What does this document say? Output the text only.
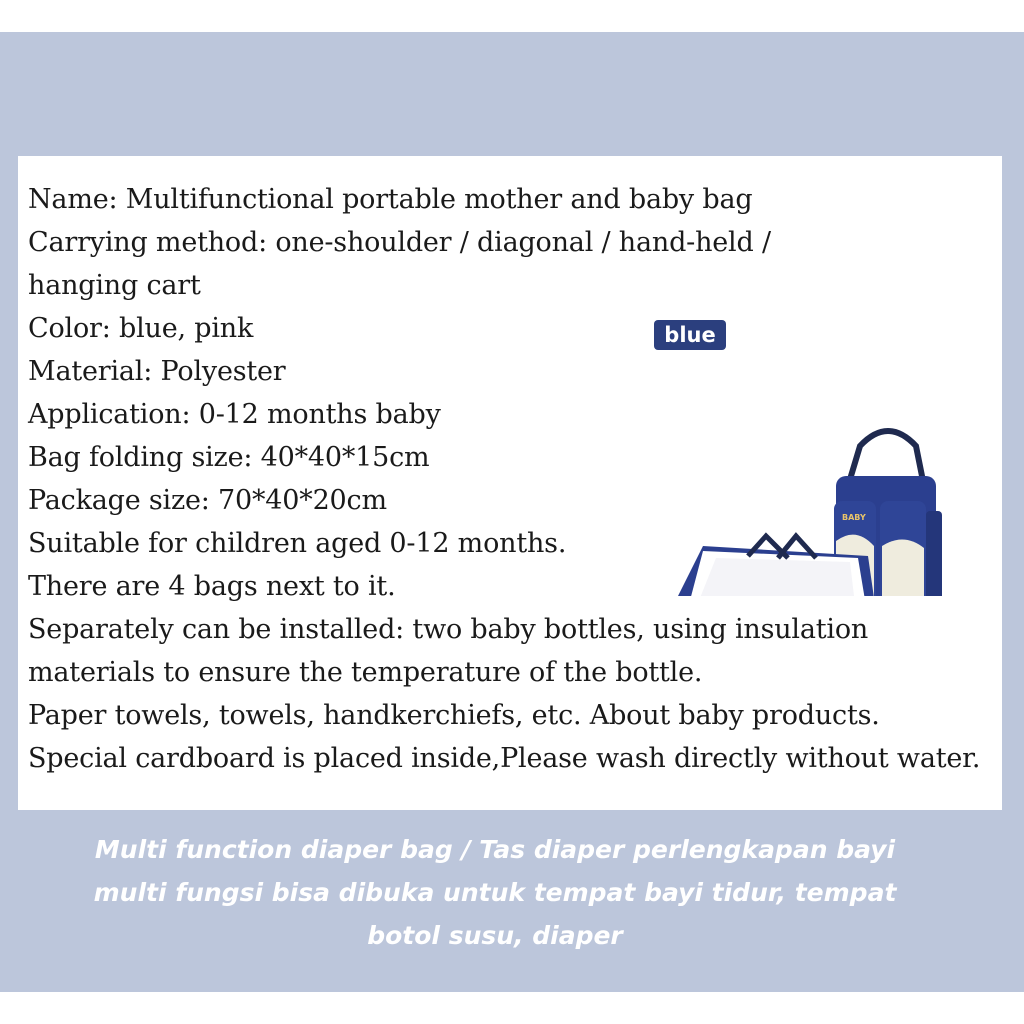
Name: Multifunctional portable mother and baby bag
Carrying method: one-shoulder / diagonal / hand-held /
hanging cart
Color: blue, pink
Material: Polyester
Application: 0-12 months baby
Bag folding size: 40*40*15cm
Package size: 70*40*20cm
Suitable for children aged 0-12 months.
There are 4 bags next to it.
Separately can be installed: two baby bottles, using insulation
materials to ensure the temperature of the bottle.
Paper towels, towels, handkerchiefs, etc. About baby products.
Special cardboard is placed inside,Please wash directly without water.
blue
BABY
Multi function diaper bag / Tas diaper perlengkapan bayi
multi fungsi bisa dibuka untuk tempat bayi tidur, tempat
botol susu, diaper
